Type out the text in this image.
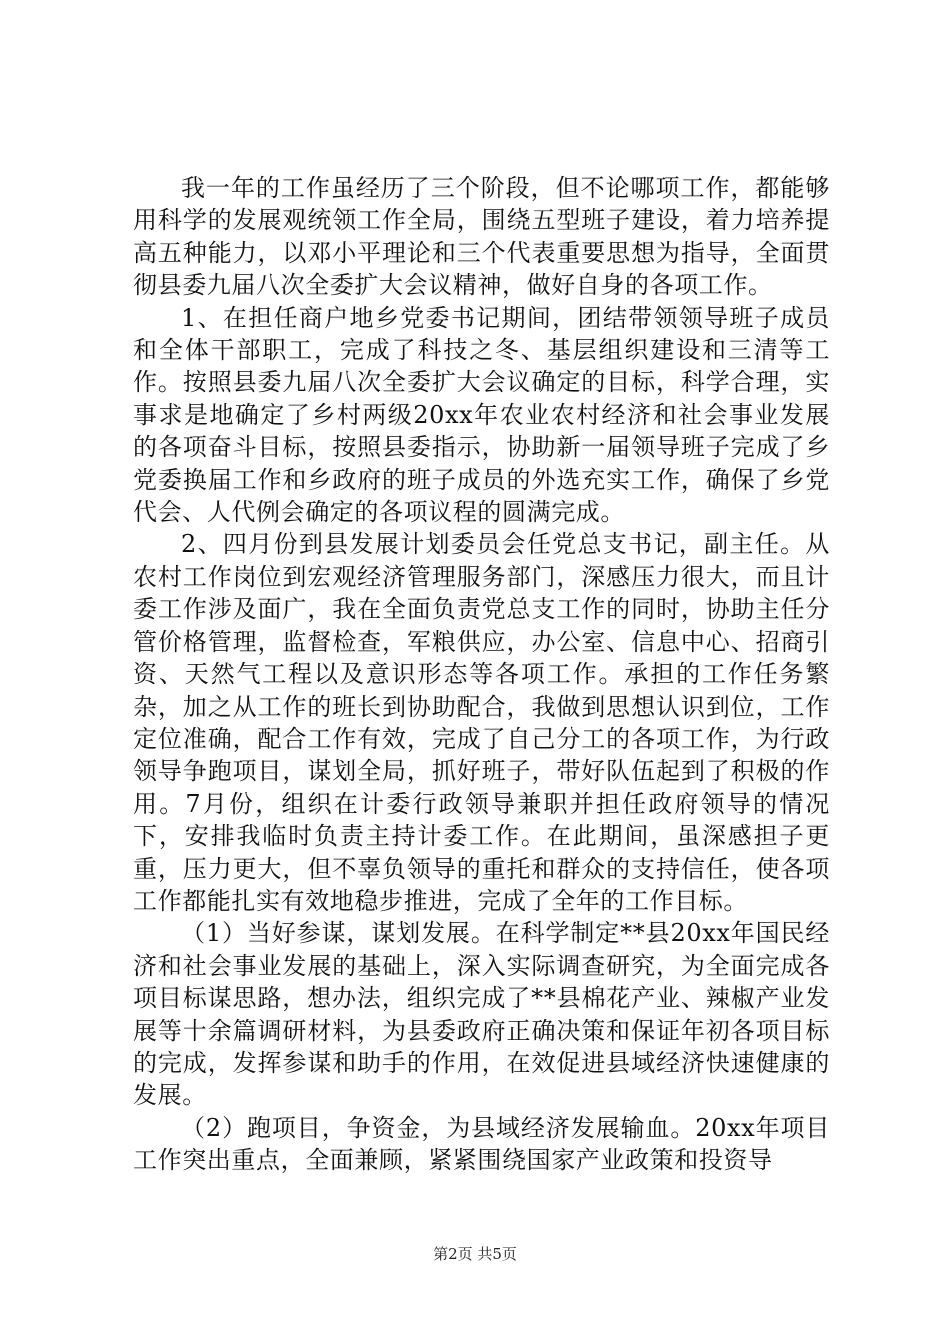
我一年的工作虽经历了三个阶段，但不论哪项工作，都能够用科学的发展观统领工作全局，围绕五型班子建设，着力培养提高五种能力，以邓小平理论和三个代表重要思想为指导，全面贯彻县委九届八次全委扩大会议精神，做好自身的各项工作。

1、在担任商户地乡党委书记期间，团结带领领导班子成员和全体干部职工，完成了科技之冬、基层组织建设和三清等工作。按照县委九届八次全委扩大会议确定的目标，科学合理，实事求是地确定了乡村两级20xx年农业农村经济和社会事业发展的各项奋斗目标，按照县委指示，协助新一届领导班子完成了乡党委换届工作和乡政府的班子成员的外选充实工作，确保了乡党代会、人代例会确定的各项议程的圆满完成。

2、四月份到县发展计划委员会任党总支书记，副主任。从农村工作岗位到宏观经济管理服务部门，深感压力很大，而且计委工作涉及面广，我在全面负责党总支工作的同时，协助主任分管价格管理，监督检查，军粮供应，办公室、信息中心、招商引资、天然气工程以及意识形态等各项工作。承担的工作任务繁杂，加之从工作的班长到协助配合，我做到思想认识到位，工作定位准确，配合工作有效，完成了自己分工的各项工作，为行政领导争跑项目，谋划全局，抓好班子，带好队伍起到了积极的作用。7月份，组织在计委行政领导兼职并担任政府领导的情况下，安排我临时负责主持计委工作。在此期间，虽深感担子更重，压力更大，但不辜负领导的重托和群众的支持信任，使各项工作都能扎实有效地稳步推进，完成了全年的工作目标。

（1）当好参谋，谋划发展。在科学制定**县20xx年国民经济和社会事业发展的基础上，深入实际调查研究，为全面完成各项目标谋思路，想办法，组织完成了**县棉花产业、辣椒产业发展等十余篇调研材料，为县委政府正确决策和保证年初各项目标的完成，发挥参谋和助手的作用，在效促进县域经济快速健康的发展。

（2）跑项目，争资金，为县域经济发展输血。20xx年项目工作突出重点，全面兼顾，紧紧围绕国家产业政策和投资导

第2页 共5页
